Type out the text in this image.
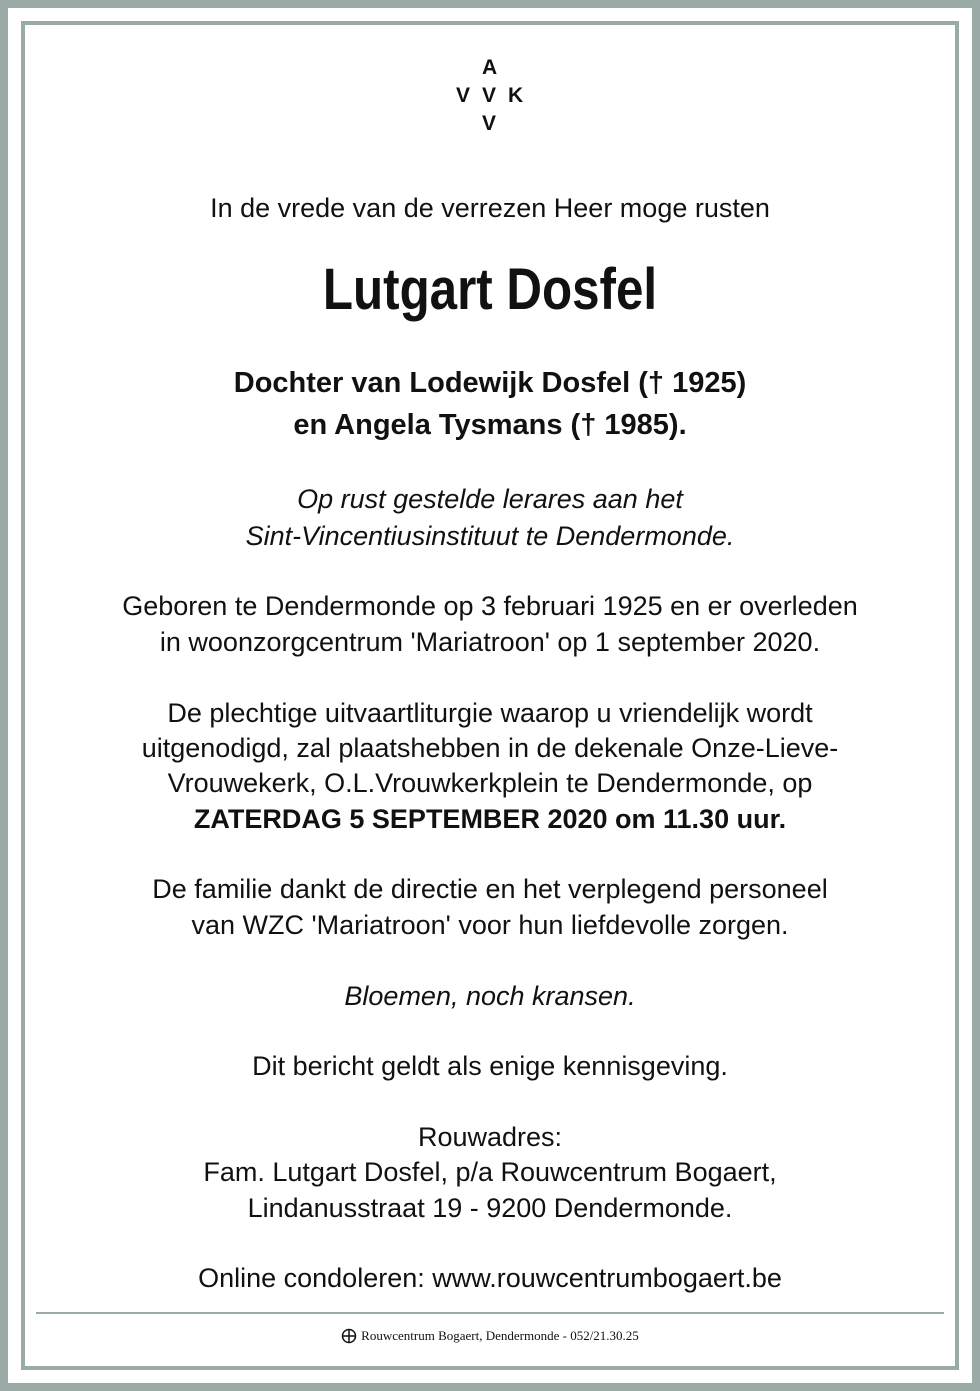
A
V V K
V
In de vrede van de verrezen Heer moge rusten
Lutgart Dosfel
Dochter van Lodewijk Dosfel († 1925)
en Angela Tysmans († 1985).
Op rust gestelde lerares aan het
Sint-Vincentiusinstituut te Dendermonde.
Geboren te Dendermonde op 3 februari 1925 en er overleden
in woonzorgcentrum 'Mariatroon' op 1 september 2020.
De plechtige uitvaartliturgie waarop u vriendelijk wordt
uitgenodigd, zal plaatshebben in de dekenale Onze-Lieve-
Vrouwekerk, O.L.Vrouwkerkplein te Dendermonde, op
ZATERDAG 5 SEPTEMBER 2020 om 11.30 uur.
De familie dankt de directie en het verplegend personeel
van WZC 'Mariatroon' voor hun liefdevolle zorgen.
Bloemen, noch kransen.
Dit bericht geldt als enige kennisgeving.
Rouwadres:
Fam. Lutgart Dosfel, p/a Rouwcentrum Bogaert,
Lindanusstraat 19 - 9200 Dendermonde.
Online condoleren: www.rouwcentrumbogaert.be
Rouwcentrum Bogaert, Dendermonde - 052/21.30.25
